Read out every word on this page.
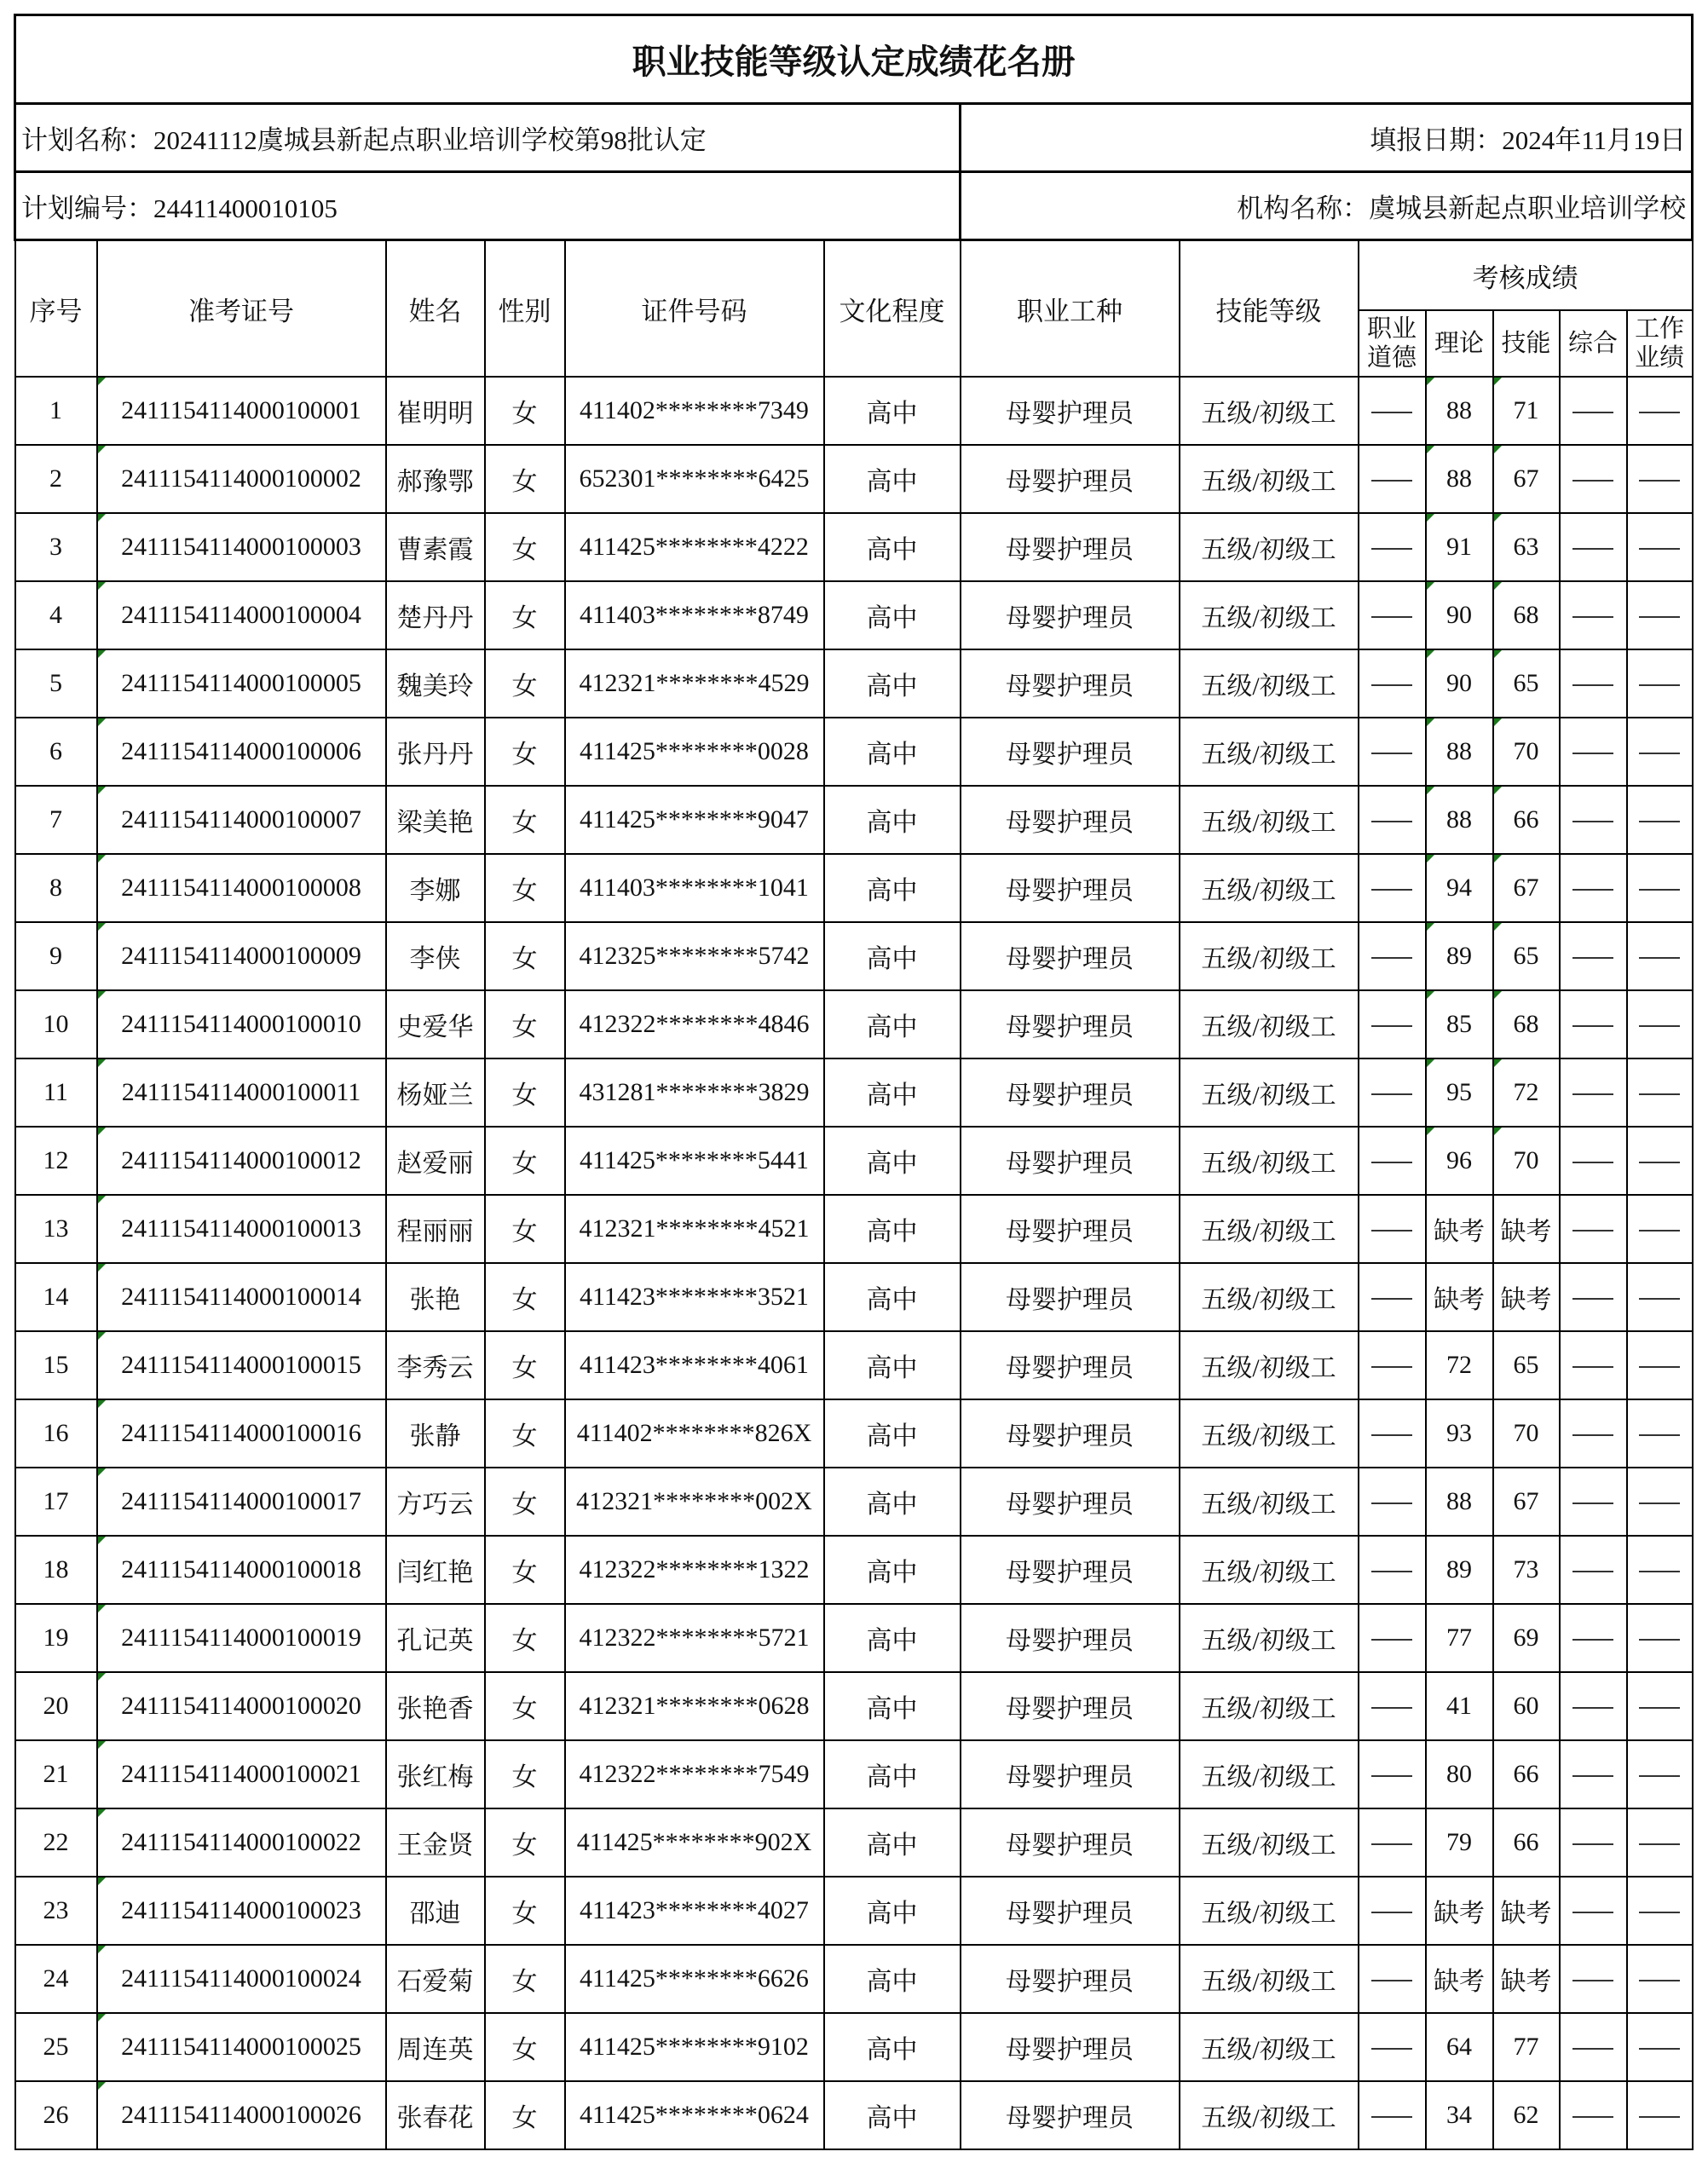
职业技能等级认定成绩花名册												
计划名称：20241112虞城县新起点职业培训学校第98批认定						填报日期：2024年11月19日						
计划编号：24411400010105						机构名称：虞城县新起点职业培训学校						
序号	准考证号	姓名	性别	证件号码	文化程度	职业工种	技能等级	考核成绩				
								职业道德	理论	技能	综合	工作业绩
1	2411154114000100001	崔明明	女	411402********7349	高中	母婴护理员	五级/初级工		88	71		
2	2411154114000100002	郝豫鄂	女	652301********6425	高中	母婴护理员	五级/初级工		88	67		
3	2411154114000100003	曹素霞	女	411425********4222	高中	母婴护理员	五级/初级工		91	63		
4	2411154114000100004	楚丹丹	女	411403********8749	高中	母婴护理员	五级/初级工		90	68		
5	2411154114000100005	魏美玲	女	412321********4529	高中	母婴护理员	五级/初级工		90	65		
6	2411154114000100006	张丹丹	女	411425********0028	高中	母婴护理员	五级/初级工		88	70		
7	2411154114000100007	梁美艳	女	411425********9047	高中	母婴护理员	五级/初级工		88	66		
8	2411154114000100008	李娜	女	411403********1041	高中	母婴护理员	五级/初级工		94	67		
9	2411154114000100009	李侠	女	412325********5742	高中	母婴护理员	五级/初级工		89	65		
10	2411154114000100010	史爱华	女	412322********4846	高中	母婴护理员	五级/初级工		85	68		
11	2411154114000100011	杨娅兰	女	431281********3829	高中	母婴护理员	五级/初级工		95	72		
12	2411154114000100012	赵爱丽	女	411425********5441	高中	母婴护理员	五级/初级工		96	70		
13	2411154114000100013	程丽丽	女	412321********4521	高中	母婴护理员	五级/初级工		缺考	缺考		
14	2411154114000100014	张艳	女	411423********3521	高中	母婴护理员	五级/初级工		缺考	缺考		
15	2411154114000100015	李秀云	女	411423********4061	高中	母婴护理员	五级/初级工		72	65		
16	2411154114000100016	张静	女	411402********826X	高中	母婴护理员	五级/初级工		93	70		
17	2411154114000100017	方巧云	女	412321********002X	高中	母婴护理员	五级/初级工		88	67		
18	2411154114000100018	闫红艳	女	412322********1322	高中	母婴护理员	五级/初级工		89	73		
19	2411154114000100019	孔记英	女	412322********5721	高中	母婴护理员	五级/初级工		77	69		
20	2411154114000100020	张艳香	女	412321********0628	高中	母婴护理员	五级/初级工		41	60		
21	2411154114000100021	张红梅	女	412322********7549	高中	母婴护理员	五级/初级工		80	66		
22	2411154114000100022	王金贤	女	411425********902X	高中	母婴护理员	五级/初级工		79	66		
23	2411154114000100023	邵迪	女	411423********4027	高中	母婴护理员	五级/初级工		缺考	缺考		
24	2411154114000100024	石爱菊	女	411425********6626	高中	母婴护理员	五级/初级工		缺考	缺考		
25	2411154114000100025	周连英	女	411425********9102	高中	母婴护理员	五级/初级工		64	77		
26	2411154114000100026	张春花	女	411425********0624	高中	母婴护理员	五级/初级工		34	62		
